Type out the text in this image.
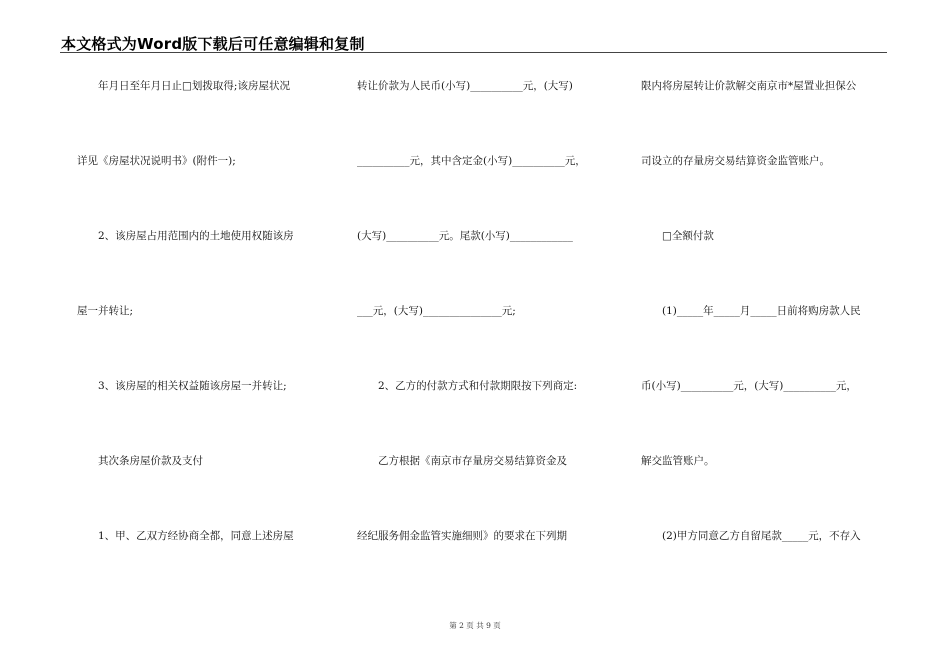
本文格式为Word版下载后可任意编辑和复制
　　年月日至年月日止□划拨取得;该房屋状况
详见《房屋状况说明书》(附件一);
　　2、该房屋占用范围内的土地使用权随该房
屋一并转让;
　　3、该房屋的相关权益随该房屋一并转让;
　　其次条房屋价款及支付
　　1、甲、乙双方经协商全都，同意上述房屋
转让价款为人民币(小写)__________元，(大写)
__________元，其中含定金(小写)__________元，
(大写)__________元。尾款(小写)____________
___元，(大写)_______________元;
　　2、乙方的付款方式和付款期限按下列商定:
　　乙方根据《南京市存量房交易结算资金及
经纪服务佣金监管实施细则》的要求在下列期
限内将房屋转让价款解交南京市*屋置业担保公
司设立的存量房交易结算资金监管账户。
　　□全额付款
　　(1)_____年_____月_____日前将购房款人民
币(小写)__________元，(大写)__________元，
解交监管账户。
　　(2)甲方同意乙方自留尾款_____元，不存入
第 2 页 共 9 页
